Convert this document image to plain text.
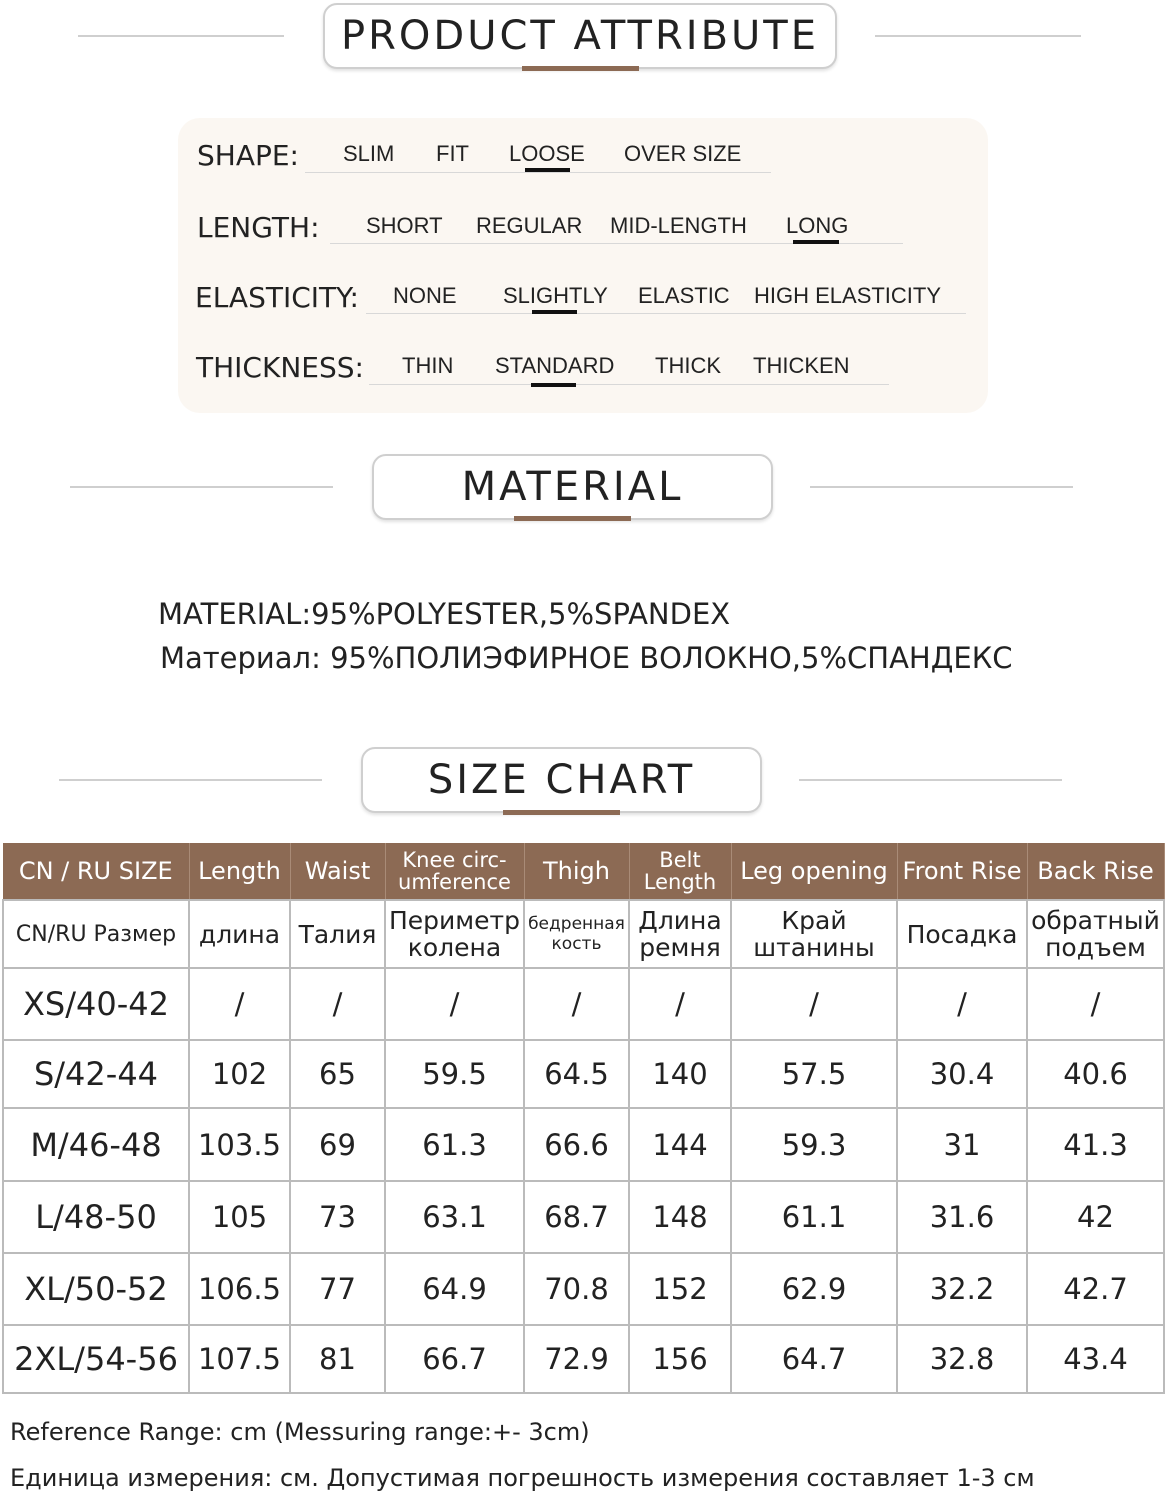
PRODUCT ATTRIBUTE
SHAPE: SLIM FIT LOOSE OVER SIZE
LENGTH: SHORT REGULAR MID-LENGTH LONG
ELASTICITY: NONE SLIGHTLY ELASTIC HIGH ELASTICITY
THICKNESS: THIN STANDARD THICK THICKEN
MATERIAL
MATERIAL:95%POLYESTER,5%SPANDEX
Материал: 95%ПОЛИЭФИРНОЕ ВОЛОКНО,5%СПАНДЕКС
SIZE CHART
CN / RU SIZE	Length	Waist	Knee circ-umference	Thigh	Belt Length	Leg opening	Front Rise	Back Rise
CN/RU Размер	длина	Талия	Периметр колена	бедренная кость	Длина ремня	Край штанины	Посадка	обратный подъем
XS/40-42	/	/	/	/	/	/	/	/
S/42-44	102	65	59.5	64.5	140	57.5	30.4	40.6
M/46-48	103.5	69	61.3	66.6	144	59.3	31	41.3
L/48-50	105	73	63.1	68.7	148	61.1	31.6	42
XL/50-52	106.5	77	64.9	70.8	152	62.9	32.2	42.7
2XL/54-56	107.5	81	66.7	72.9	156	64.7	32.8	43.4
Reference Range: cm (Messuring range:+- 3cm)
Единица измерения: см. Допустимая погрешность измерения составляет 1-3 см
